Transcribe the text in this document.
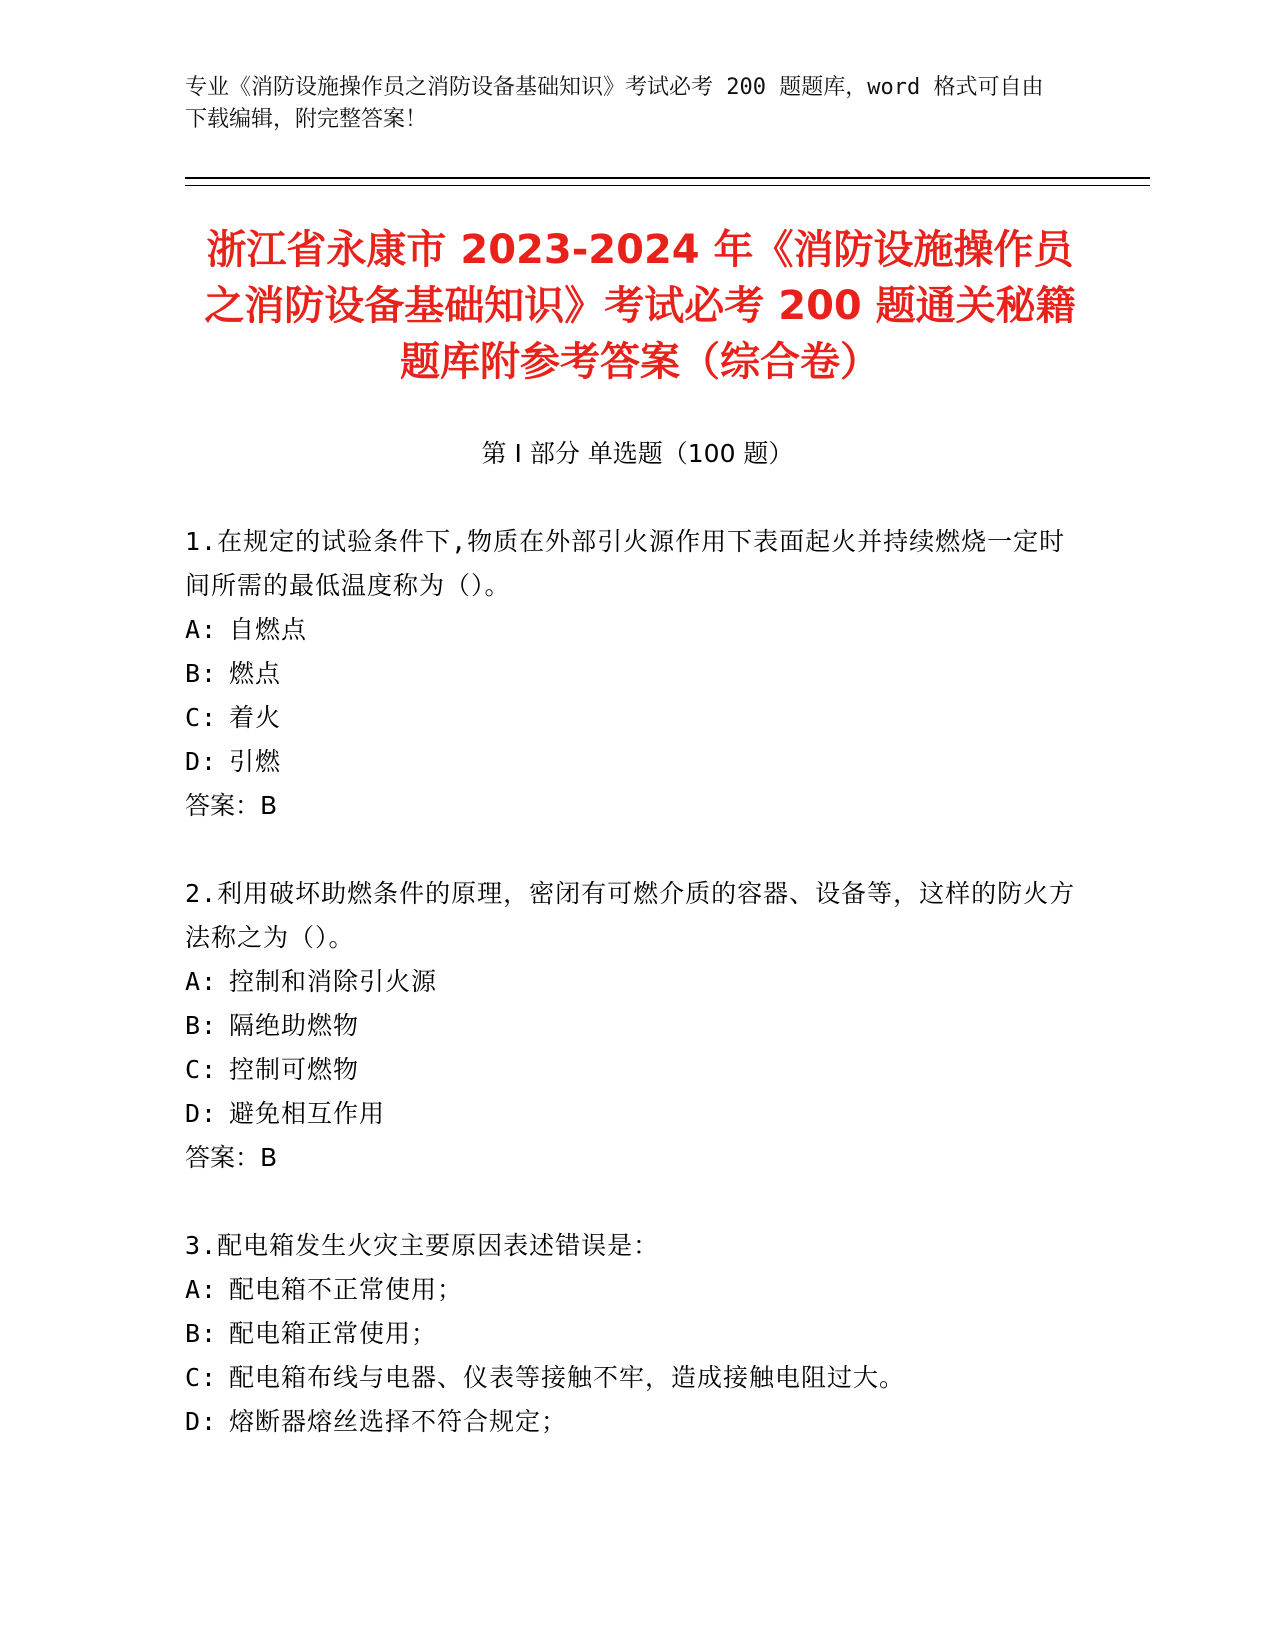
专业《消防设施操作员之消防设备基础知识》考试必考 200 题题库，word 格式可自由下载编辑，附完整答案！
浙江省永康市 2023-2024 年《消防设施操作员之消防设备基础知识》考试必考 200 题通关秘籍题库附参考答案（综合卷）
第 I 部分 单选题（100 题）
1.在规定的试验条件下,物质在外部引火源作用下表面起火并持续燃烧一定时间所需的最低温度称为（）。
A: 自燃点
B: 燃点
C: 着火
D: 引燃
答案：B
2.利用破坏助燃条件的原理，密闭有可燃介质的容器、设备等，这样的防火方法称之为（）。
A: 控制和消除引火源
B: 隔绝助燃物
C: 控制可燃物
D: 避免相互作用
答案：B
3.配电箱发生火灾主要原因表述错误是：
A: 配电箱不正常使用；
B: 配电箱正常使用；
C: 配电箱布线与电器、仪表等接触不牢，造成接触电阻过大。
D: 熔断器熔丝选择不符合规定；
